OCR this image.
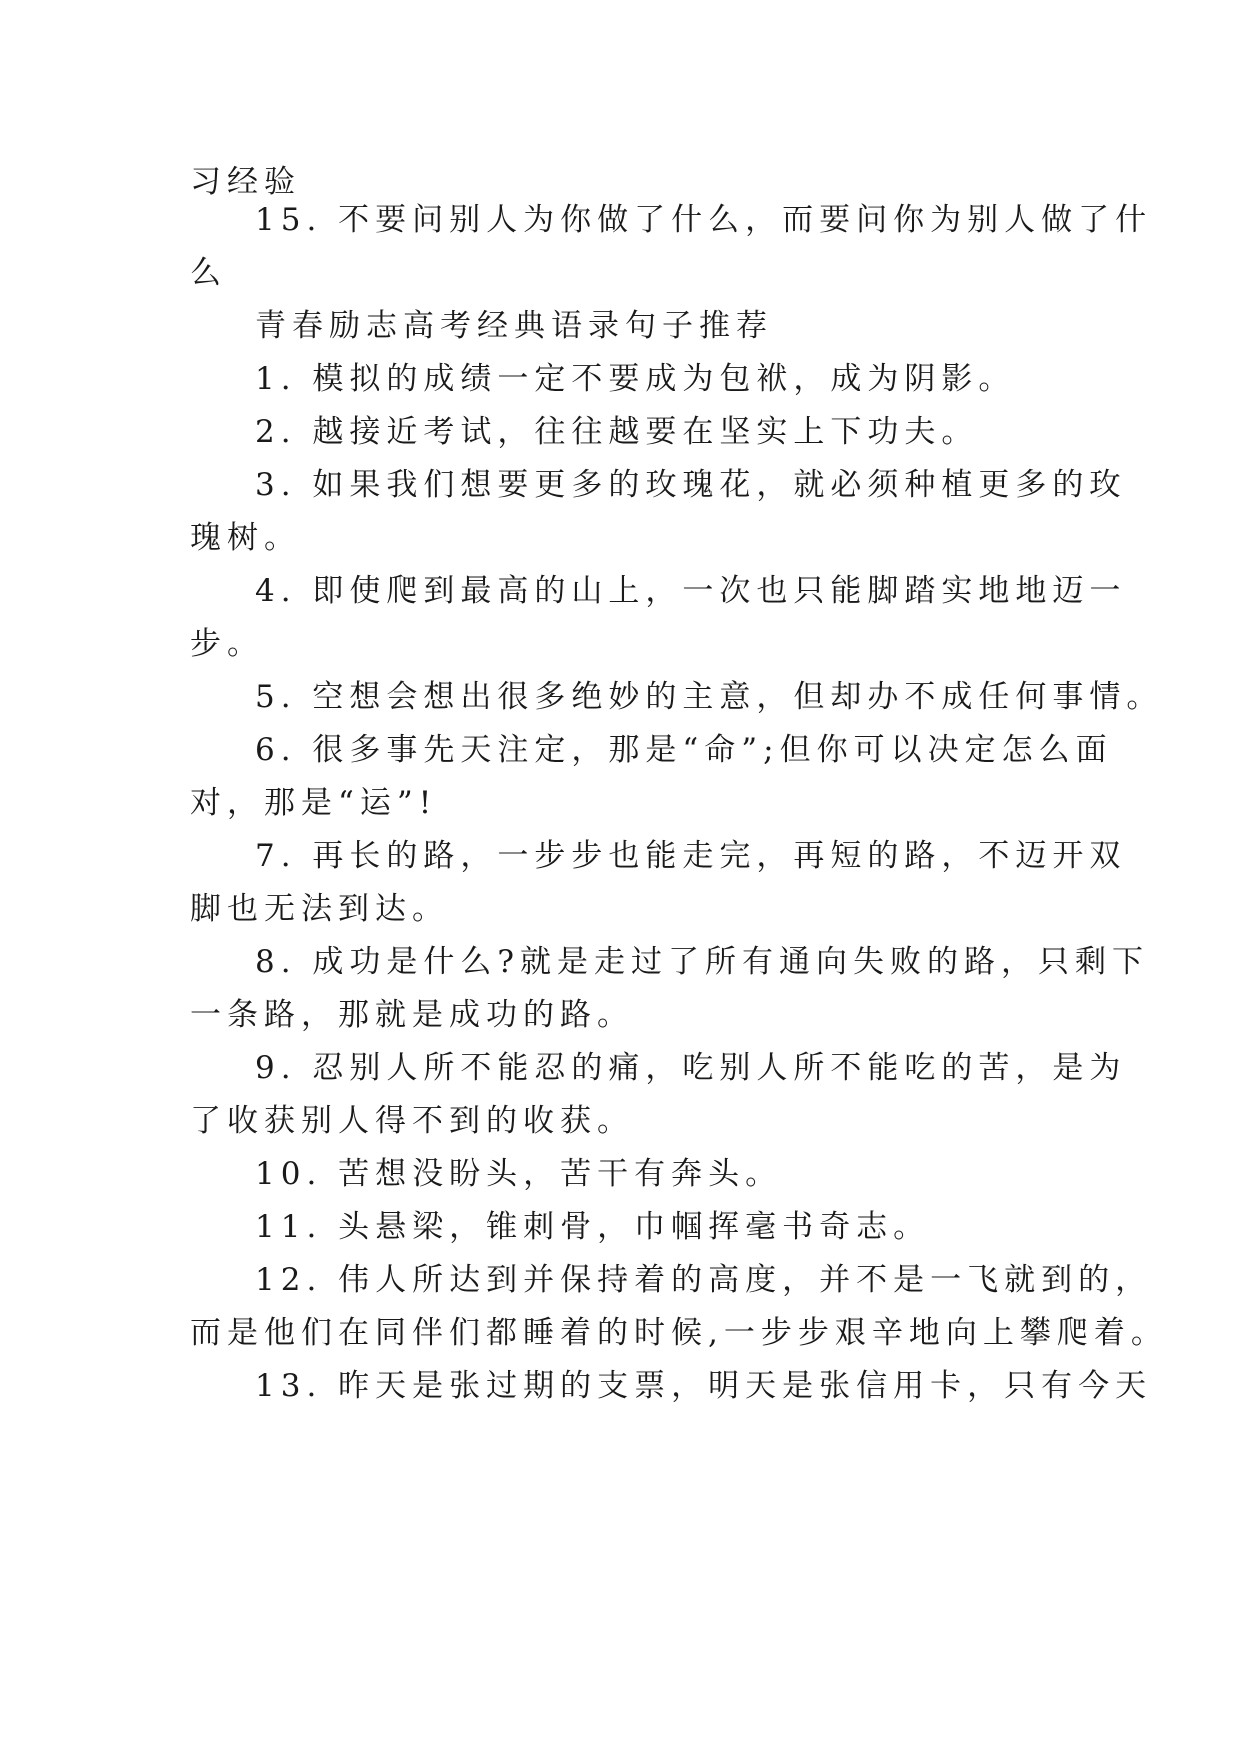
习经验
15. 不要问别人为你做了什么，而要问你为别人做了什
么
青春励志高考经典语录句子推荐
1. 模拟的成绩一定不要成为包袱，成为阴影。
2. 越接近考试，往往越要在坚实上下功夫。
3. 如果我们想要更多的玫瑰花，就必须种植更多的玫
瑰树。
4. 即使爬到最高的山上，一次也只能脚踏实地地迈一
步。
5. 空想会想出很多绝妙的主意，但却办不成任何事情。
6. 很多事先天注定，那是“命”;但你可以决定怎么面
对，那是“运”!
7. 再长的路，一步步也能走完，再短的路，不迈开双
脚也无法到达。
8. 成功是什么?就是走过了所有通向失败的路，只剩下
一条路，那就是成功的路。
9. 忍别人所不能忍的痛，吃别人所不能吃的苦，是为
了收获别人得不到的收获。
10. 苦想没盼头，苦干有奔头。
11. 头悬梁，锥刺骨，巾帼挥毫书奇志。
12. 伟人所达到并保持着的高度，并不是一飞就到的，
而是他们在同伴们都睡着的时候,一步步艰辛地向上攀爬着。
13. 昨天是张过期的支票，明天是张信用卡，只有今天
